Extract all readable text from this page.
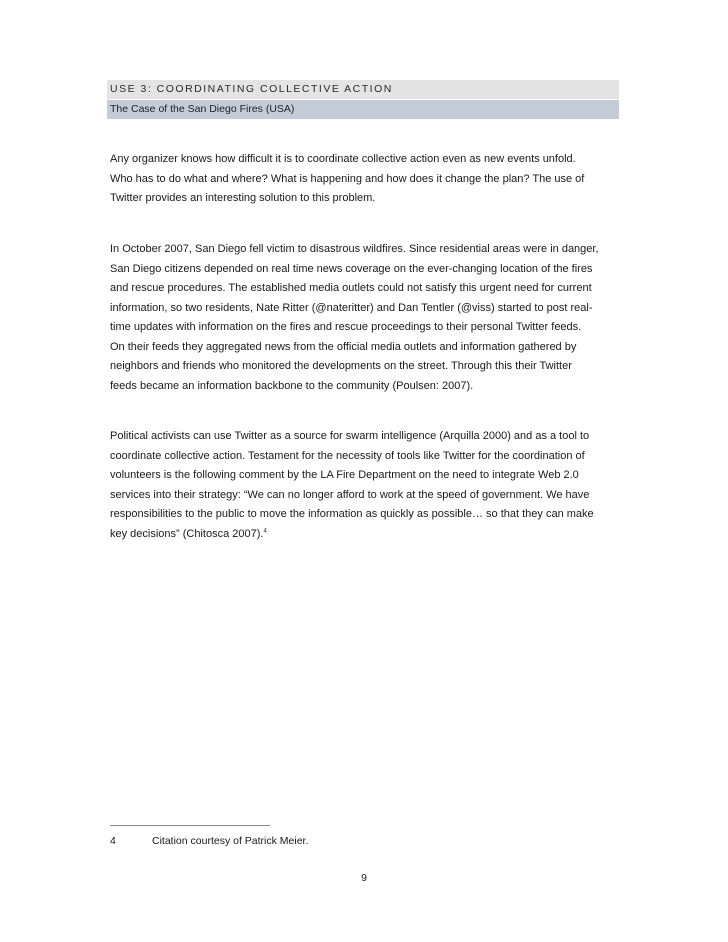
USE 3: COORDINATING COLLECTIVE ACTION
The Case of the San Diego Fires (USA)
Any organizer knows how difficult it is to coordinate collective action even as new events unfold.
Who has to do what and where? What is happening and how does it change the plan? The use of
Twitter provides an interesting solution to this problem.
In October 2007, San Diego fell victim to disastrous wildfires. Since residential areas were in danger,
San Diego citizens depended on real time news coverage on the ever-changing location of the fires
and rescue procedures. The established media outlets could not satisfy this urgent need for current
information, so two residents, Nate Ritter (@nateritter) and Dan Tentler (@viss) started to post real-
time updates with information on the fires and rescue proceedings to their personal Twitter feeds.
On their feeds they aggregated news from the official media outlets and information gathered by
neighbors and friends who monitored the developments on the street. Through this their Twitter
feeds became an information backbone to the community (Poulsen: 2007).
Political activists can use Twitter as a source for swarm intelligence (Arquilla 2000) and as a tool to
coordinate collective action. Testament for the necessity of tools like Twitter for the coordination of
volunteers is the following comment by the LA Fire Department on the need to integrate Web 2.0
services into their strategy: “We can no longer afford to work at the speed of government. We have
responsibilities to the public to move the information as quickly as possible… so that they can make
key decisions” (Chitosca 2007).$^4$
4	Citation courtesy of Patrick Meier.
9
